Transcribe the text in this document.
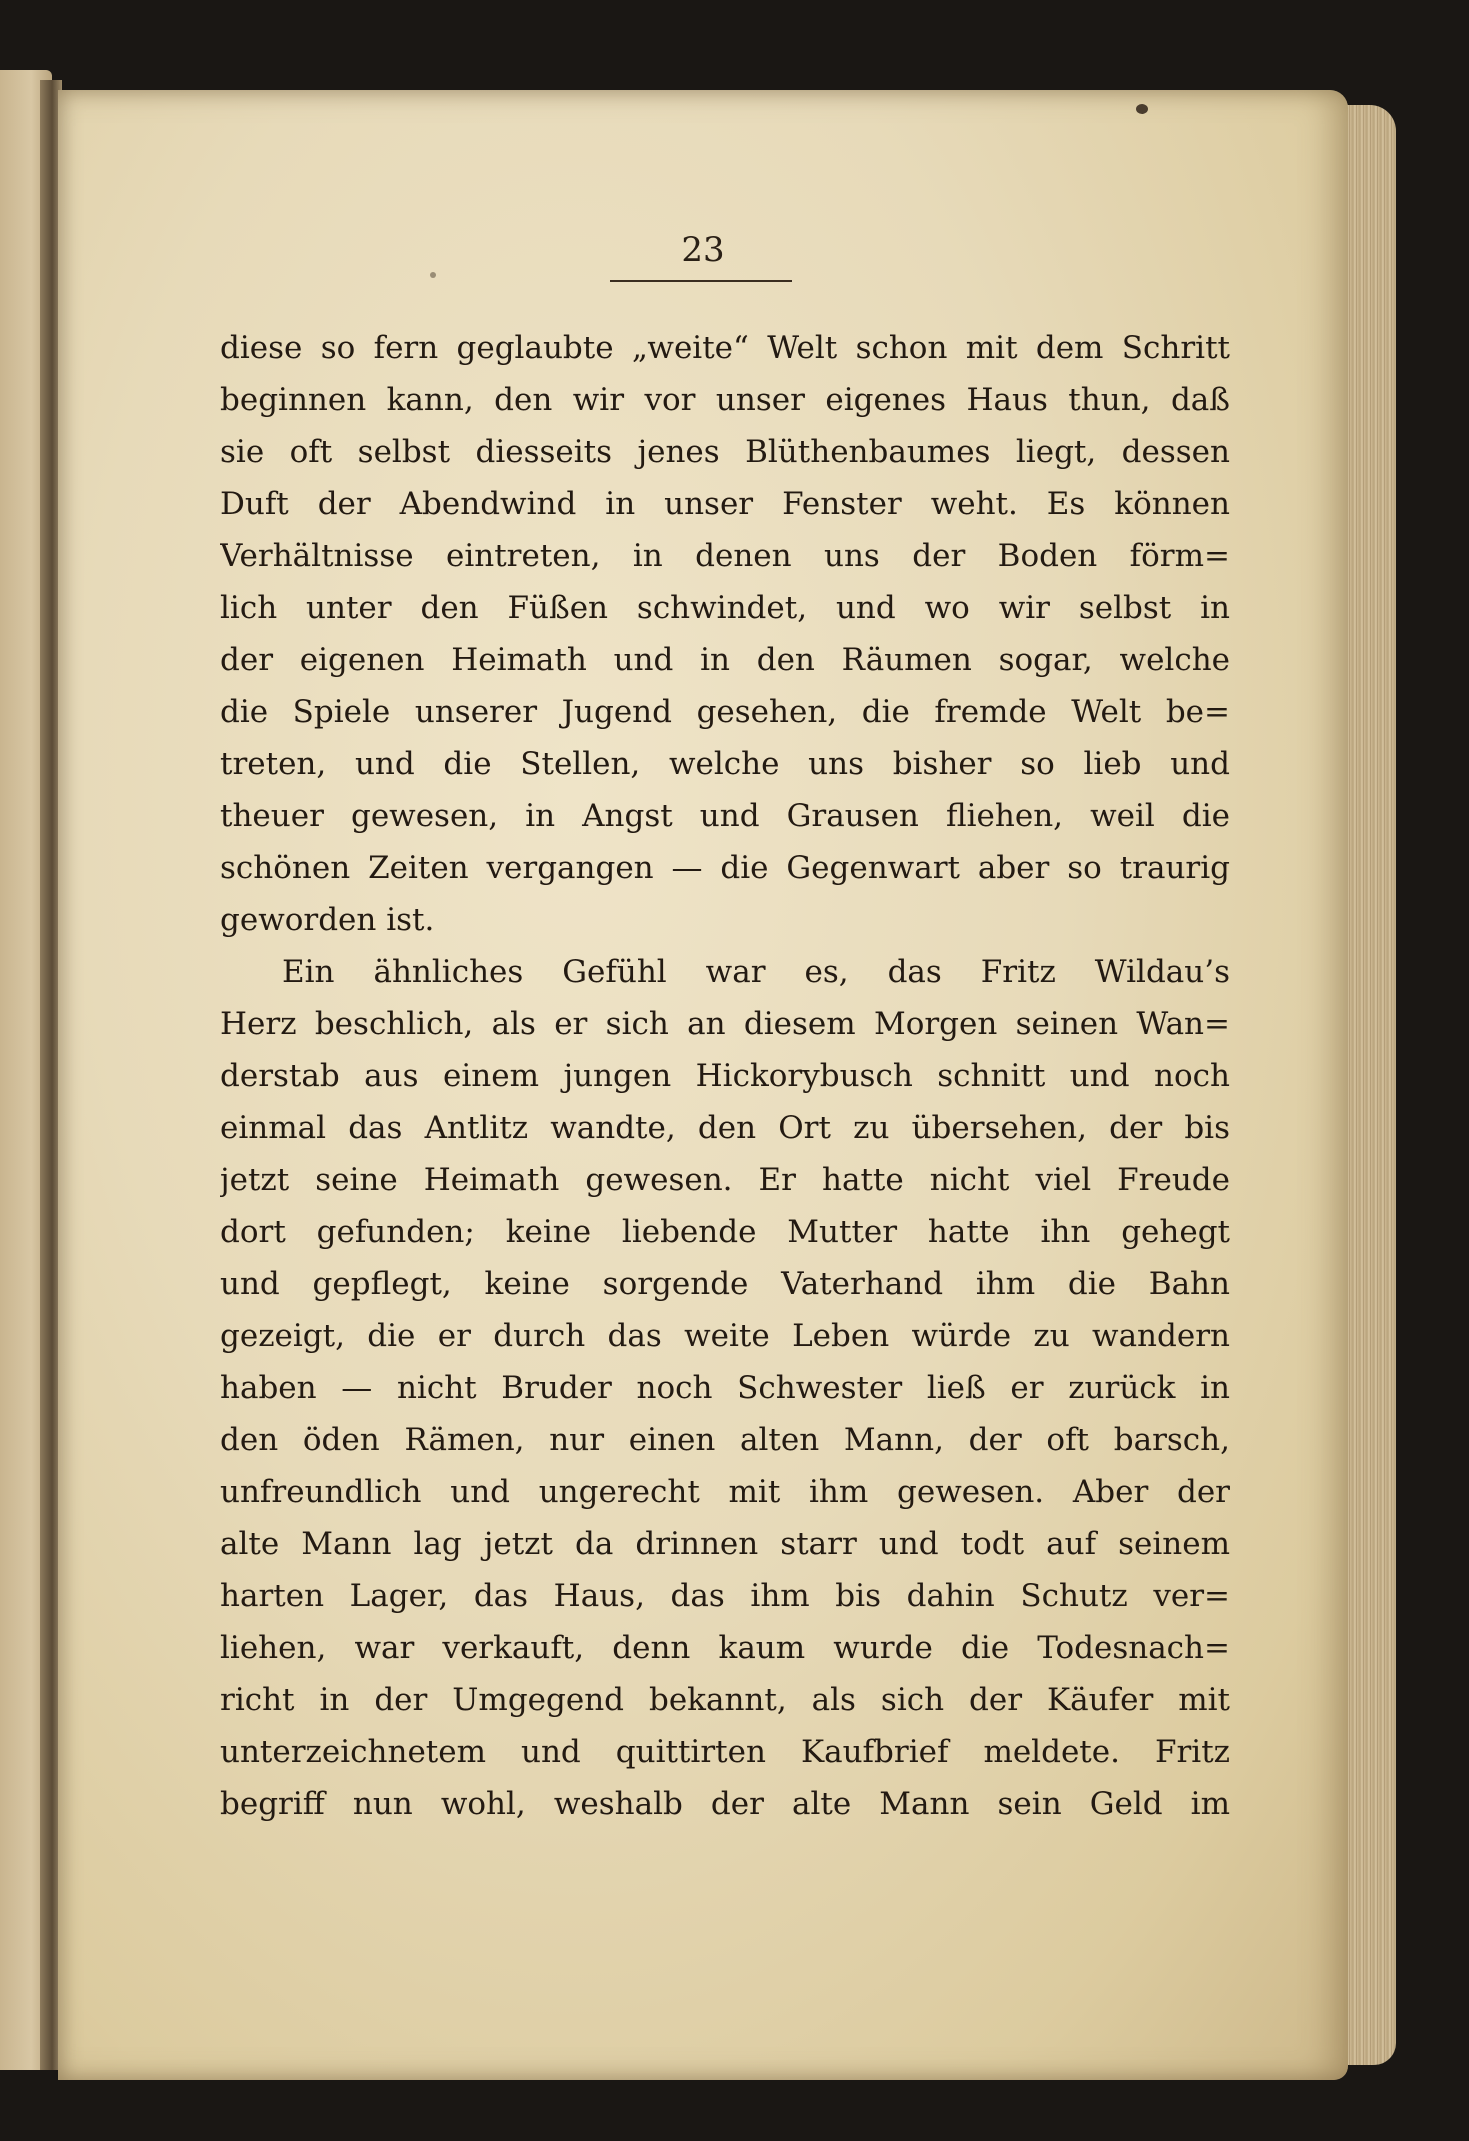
23
diese so fern geglaubte „weite“ Welt schon mit dem Schritt
beginnen kann, den wir vor unser eigenes Haus thun, daß
sie oft selbst diesseits jenes Blüthenbaumes liegt, dessen
Duft der Abendwind in unser Fenster weht. Es können
Verhältnisse eintreten, in denen uns der Boden förm=
lich unter den Füßen schwindet, und wo wir selbst in
der eigenen Heimath und in den Räumen sogar, welche
die Spiele unserer Jugend gesehen, die fremde Welt be=
treten, und die Stellen, welche uns bisher so lieb und
theuer gewesen, in Angst und Grausen fliehen, weil die
schönen Zeiten vergangen — die Gegenwart aber so traurig
geworden ist.
Ein ähnliches Gefühl war es, das Fritz Wildau’s
Herz beschlich, als er sich an diesem Morgen seinen Wan=
derstab aus einem jungen Hickorybusch schnitt und noch
einmal das Antlitz wandte, den Ort zu übersehen, der bis
jetzt seine Heimath gewesen. Er hatte nicht viel Freude
dort gefunden; keine liebende Mutter hatte ihn gehegt
und gepflegt, keine sorgende Vaterhand ihm die Bahn
gezeigt, die er durch das weite Leben würde zu wandern
haben — nicht Bruder noch Schwester ließ er zurück in
den öden Rämen, nur einen alten Mann, der oft barsch,
unfreundlich und ungerecht mit ihm gewesen. Aber der
alte Mann lag jetzt da drinnen starr und todt auf seinem
harten Lager, das Haus, das ihm bis dahin Schutz ver=
liehen, war verkauft, denn kaum wurde die Todesnach=
richt in der Umgegend bekannt, als sich der Käufer mit
unterzeichnetem und quittirten Kaufbrief meldete. Fritz
begriff nun wohl, weshalb der alte Mann sein Geld im
